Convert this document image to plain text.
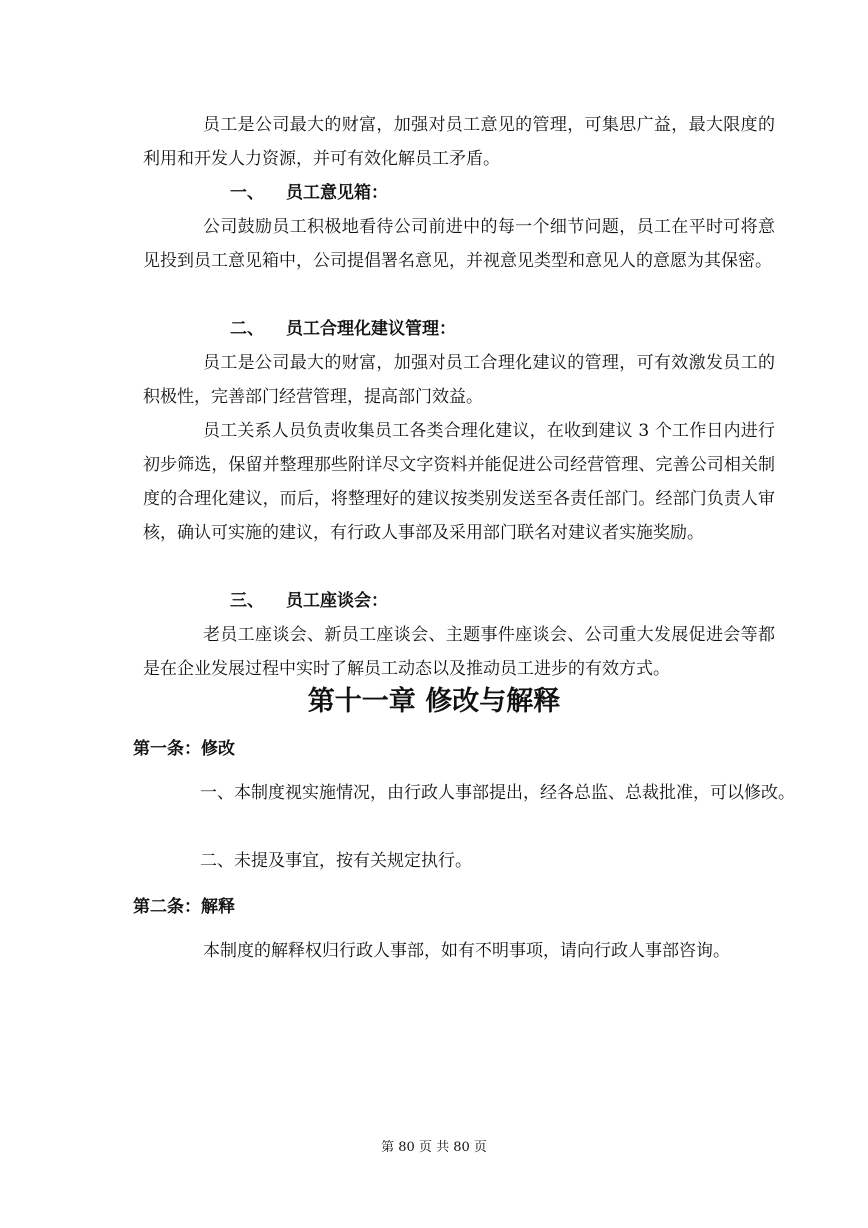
员工是公司最大的财富，加强对员工意见的管理，可集思广益，最大限度的利用和开发人力资源，并可有效化解员工矛盾。

一、 员工意见箱：

公司鼓励员工积极地看待公司前进中的每一个细节问题，员工在平时可将意见投到员工意见箱中，公司提倡署名意见，并视意见类型和意见人的意愿为其保密。

二、 员工合理化建议管理：

员工是公司最大的财富，加强对员工合理化建议的管理，可有效激发员工的积极性，完善部门经营管理，提高部门效益。

员工关系人员负责收集员工各类合理化建议，在收到建议 3 个工作日内进行初步筛选，保留并整理那些附详尽文字资料并能促进公司经营管理、完善公司相关制度的合理化建议，而后，将整理好的建议按类别发送至各责任部门。经部门负责人审核，确认可实施的建议，有行政人事部及采用部门联名对建议者实施奖励。

三、 员工座谈会：

老员工座谈会、新员工座谈会、主题事件座谈会、公司重大发展促进会等都是在企业发展过程中实时了解员工动态以及推动员工进步的有效方式。

第十一章 修改与解释

第一条：修改

一、本制度视实施情况，由行政人事部提出，经各总监、总裁批准，可以修改。

二、未提及事宜，按有关规定执行。

第二条：解释

本制度的解释权归行政人事部，如有不明事项，请向行政人事部咨询。

第 80 页 共 80 页
